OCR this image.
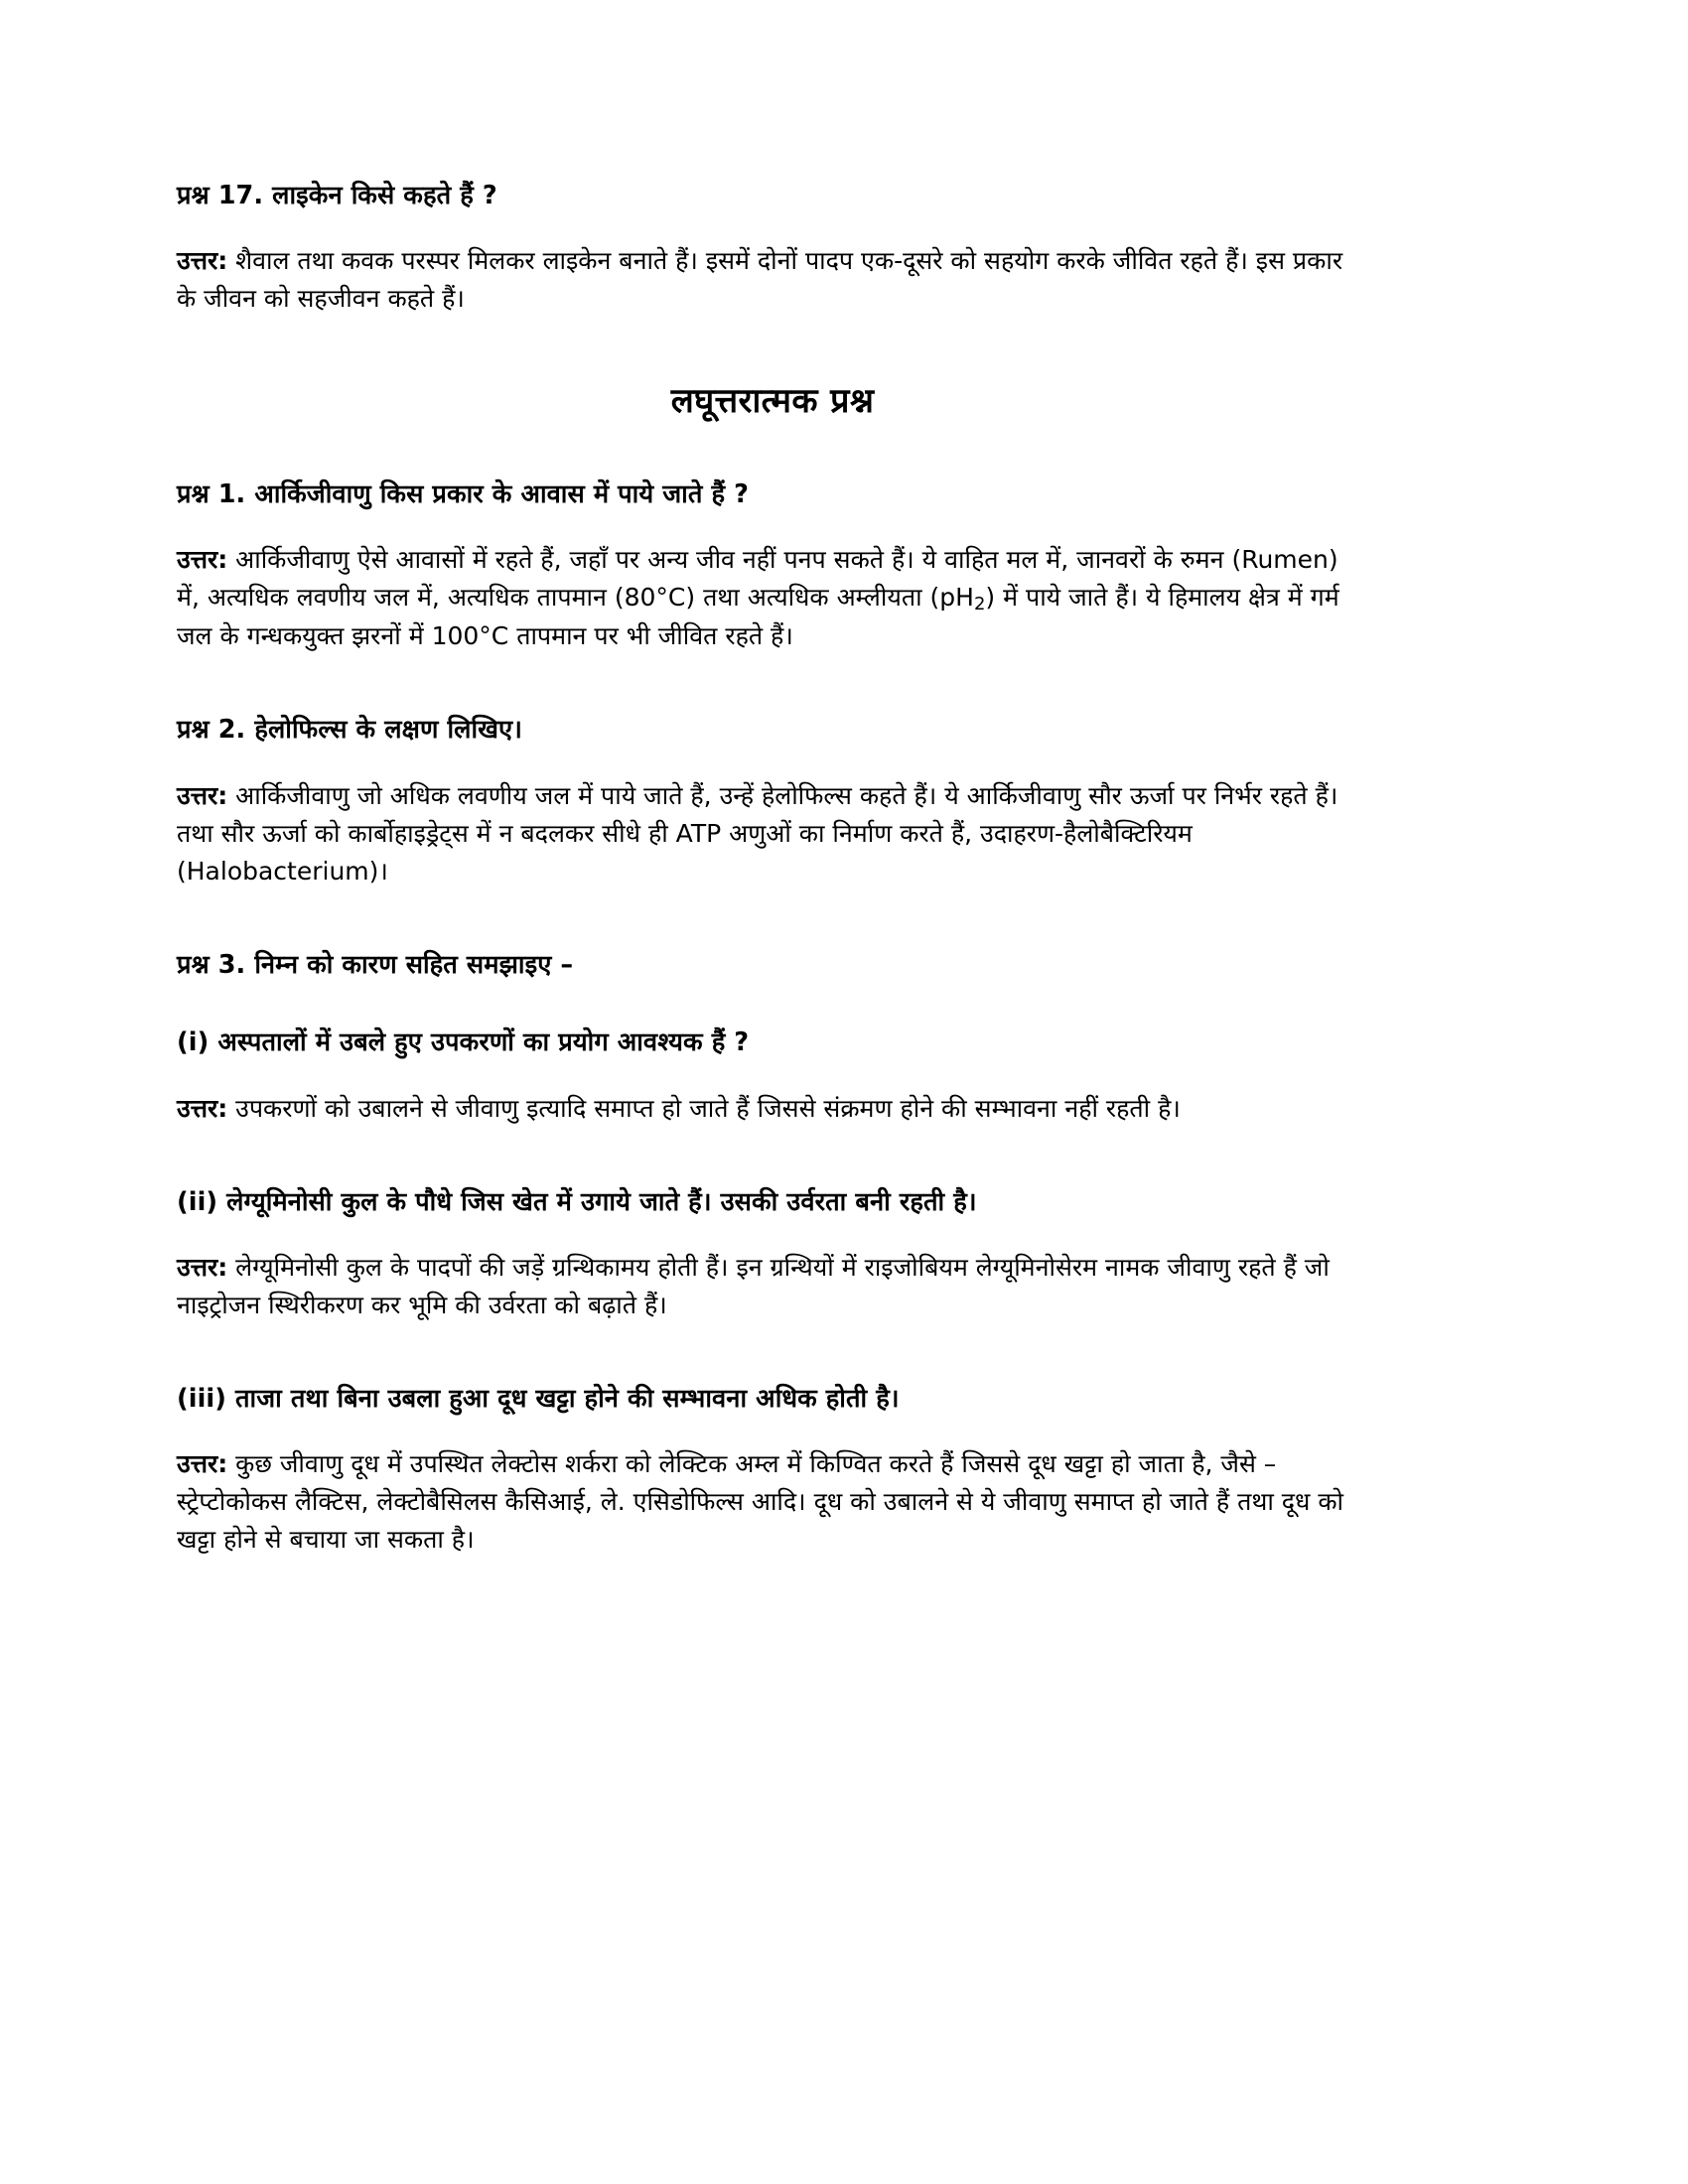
प्रश्न 17. लाइकेन किसे कहते हैं ?

उत्तर: शैवाल तथा कवक परस्पर मिलकर लाइकेन बनाते हैं। इसमें दोनों पादप एक-दूसरे को सहयोग करके जीवित रहते हैं। इस प्रकार के जीवन को सहजीवन कहते हैं।

लघूत्तरात्मक प्रश्न

प्रश्न 1. आर्किजीवाणु किस प्रकार के आवास में पाये जाते हैं ?

उत्तर: आर्किजीवाणु ऐसे आवासों में रहते हैं, जहाँ पर अन्य जीव नहीं पनप सकते हैं। ये वाहित मल में, जानवरों के रुमन (Rumen) में, अत्यधिक लवणीय जल में, अत्यधिक तापमान (80°C) तथा अत्यधिक अम्लीयता $(pH_2)$ में पाये जाते हैं। ये हिमालय क्षेत्र में गर्म जल के गन्धकयुक्त झरनों में 100°C तापमान पर भी जीवित रहते हैं।

प्रश्न 2. हेलोफिल्स के लक्षण लिखिए।

उत्तर: आर्किजीवाणु जो अधिक लवणीय जल में पाये जाते हैं, उन्हें हेलोफिल्स कहते हैं। ये आर्किजीवाणु सौर ऊर्जा पर निर्भर रहते हैं। तथा सौर ऊर्जा को कार्बोहाइड्रेट्स में न बदलकर सीधे ही ATP अणुओं का निर्माण करते हैं, उदाहरण-हैलोबैक्टिरियम (Halobacterium)।

प्रश्न 3. निम्न को कारण सहित समझाइए –

(i) अस्पतालों में उबले हुए उपकरणों का प्रयोग आवश्यक हैं ?

उत्तर: उपकरणों को उबालने से जीवाणु इत्यादि समाप्त हो जाते हैं जिससे संक्रमण होने की सम्भावना नहीं रहती है।

(ii) लेग्यूमिनोसी कुल के पौधे जिस खेत में उगाये जाते हैं। उसकी उर्वरता बनी रहती है।

उत्तर: लेग्यूमिनोसी कुल के पादपों की जड़ें ग्रन्थिकामय होती हैं। इन ग्रन्थियों में राइजोबियम लेग्यूमिनोसेरम नामक जीवाणु रहते हैं जो नाइट्रोजन स्थिरीकरण कर भूमि की उर्वरता को बढ़ाते हैं।

(iii) ताजा तथा बिना उबला हुआ दूध खट्टा होने की सम्भावना अधिक होती है।

उत्तर: कुछ जीवाणु दूध में उपस्थित लेक्टोस शर्करा को लेक्टिक अम्ल में किण्वित करते हैं जिससे दूध खट्टा हो जाता है, जैसे –

स्ट्रेप्टोकोकस लैक्टिस, लेक्टोबैसिलस कैसिआई, ले. एसिडोफिल्स आदि। दूध को उबालने से ये जीवाणु समाप्त हो जाते हैं तथा दूध को खट्टा होने से बचाया जा सकता है।
